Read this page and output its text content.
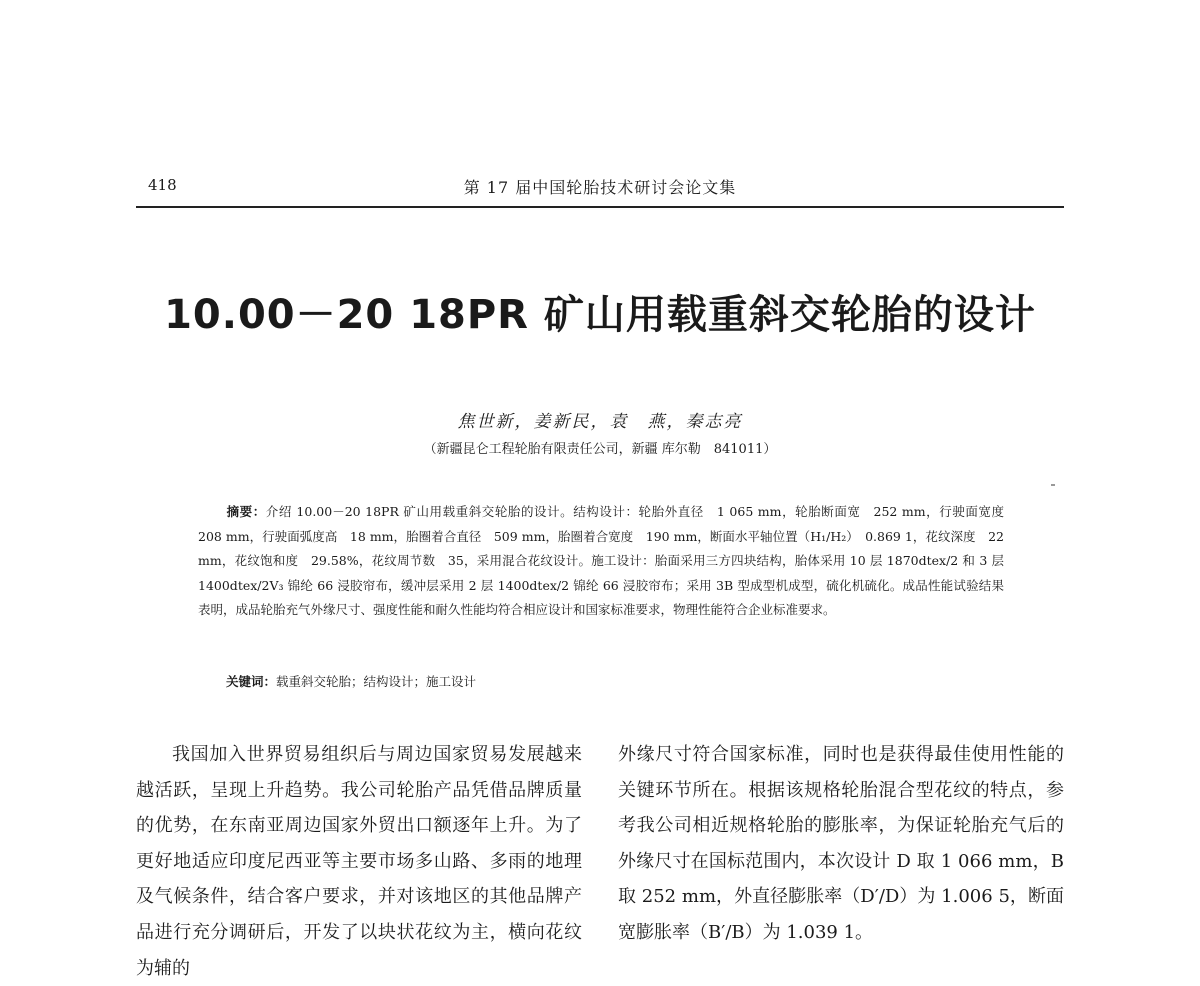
418	第 17 届中国轮胎技术研讨会论文集
10.00－20 18PR 矿山用载重斜交轮胎的设计
焦世新，姜新民，袁　燕，秦志亮
（新疆昆仑工程轮胎有限责任公司，新疆 库尔勒　841011）
摘要：介绍 10.00－20 18PR 矿山用载重斜交轮胎的设计。结构设计：轮胎外直径　1 065 mm，轮胎断面宽　252 mm，行驶面宽度　208 mm，行驶面弧度高　18 mm，胎圈着合直径　509 mm，胎圈着合宽度　190 mm，断面水平轴位置（H₁/H₂）　0.869 1，花纹深度　22 mm，花纹饱和度　29.58%，花纹周节数　35，采用混合花纹设计。施工设计：胎面采用三方四块结构，胎体采用 10 层 1870dtex/2 和 3 层 1400dtex/2V₃ 锦纶 66 浸胶帘布，缓冲层采用 2 层 1400dtex/2 锦纶 66 浸胶帘布；采用 3B 型成型机成型，硫化机硫化。成品性能试验结果表明，成品轮胎充气外缘尺寸、强度性能和耐久性能均符合相应设计和国家标准要求，物理性能符合企业标准要求。
关键词：载重斜交轮胎；结构设计；施工设计

我国加入世界贸易组织后与周边国家贸易发展越来越活跃，呈现上升趋势。我公司轮胎产品凭借品牌质量的优势，在东南亚周边国家外贸出口额逐年上升。为了更好地适应印度尼西亚等主要市场多山路、多雨的地理及气候条件，结合客户要求，并对该地区的其他品牌产品进行充分调研后，开发了以块状花纹为主，横向花纹为辅的

外缘尺寸符合国家标准，同时也是获得最佳使用性能的关键环节所在。根据该规格轮胎混合型花纹的特点，参考我公司相近规格轮胎的膨胀率，为保证轮胎充气后的外缘尺寸在国标范围内，本次设计 D 取 1 066 mm，B 取 252 mm，外直径膨胀率（D′/D）为 1.006 5，断面宽膨胀率（B′/B）为 1.039 1。
